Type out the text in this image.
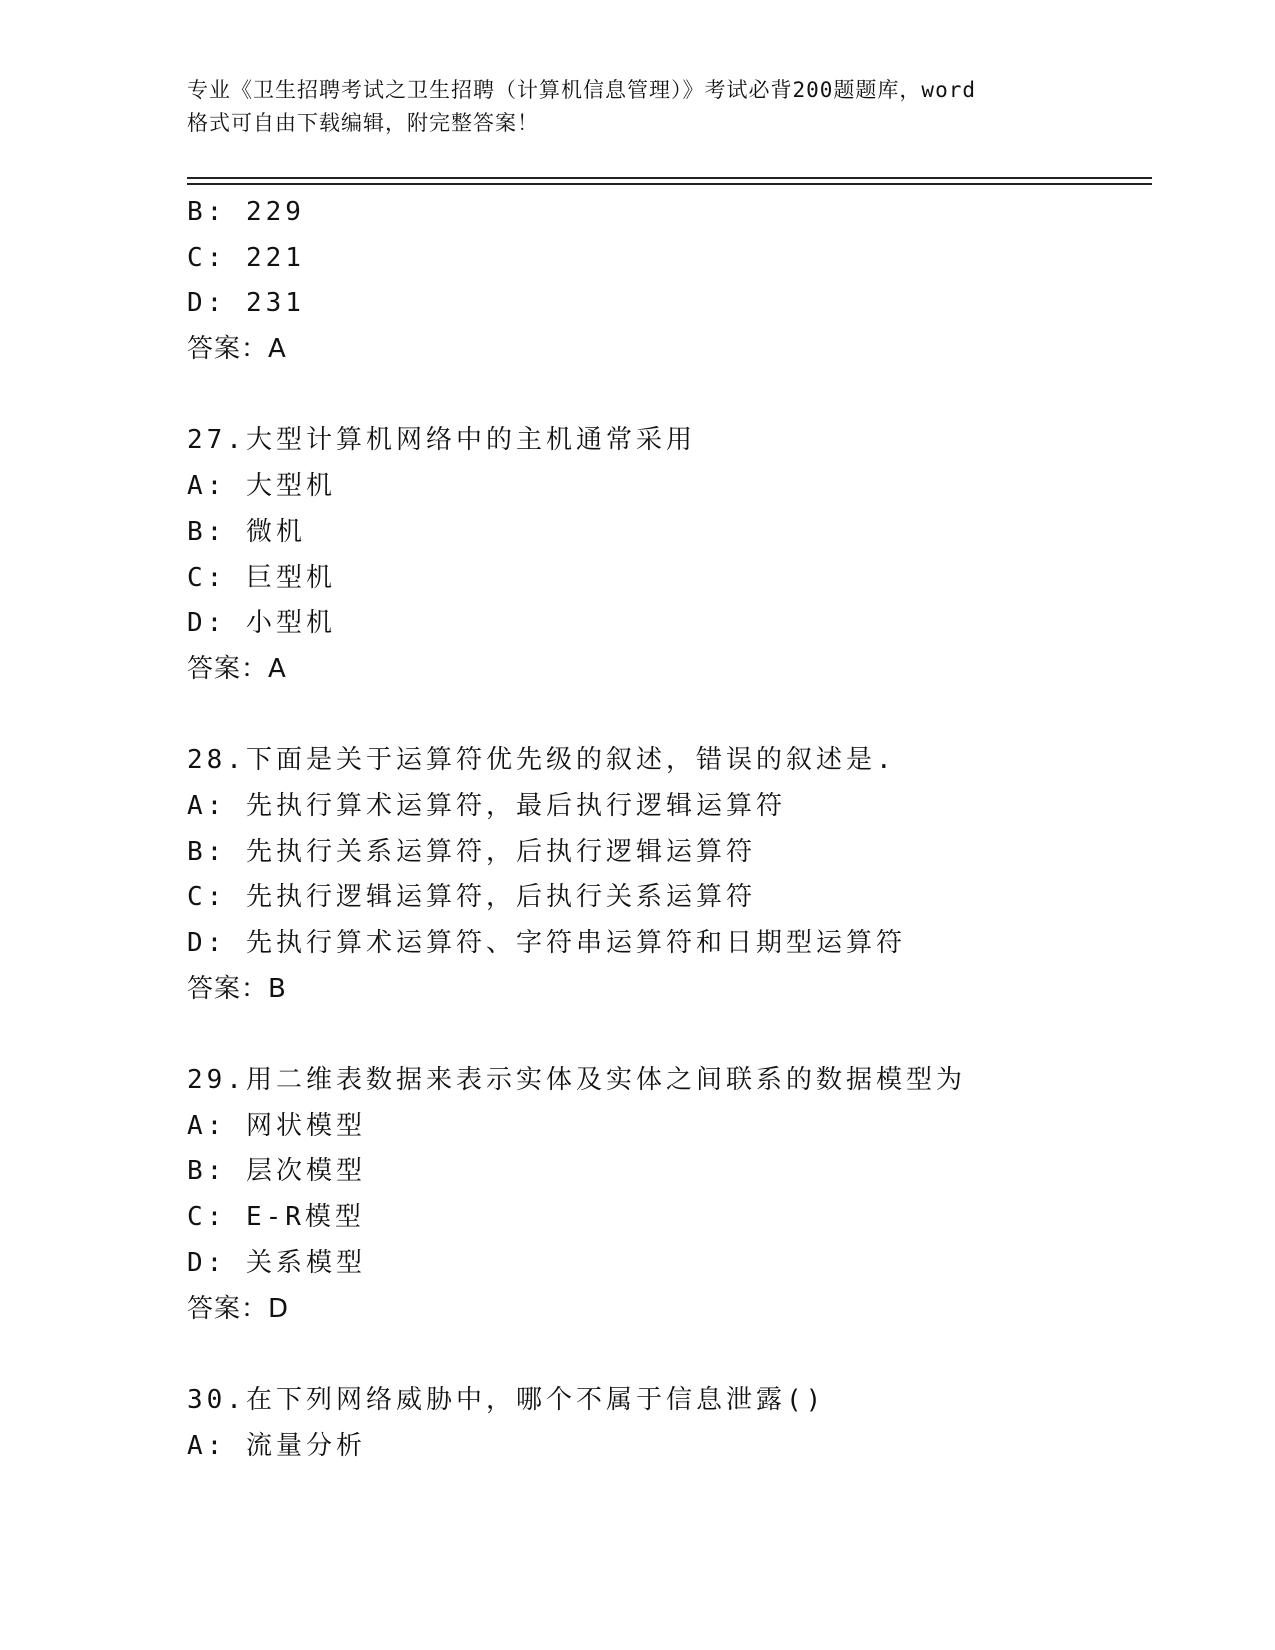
专业《卫生招聘考试之卫生招聘（计算机信息管理）》考试必背200题题库，word
格式可自由下载编辑，附完整答案！
B: 229
C: 221
D: 231
答案：A
27.大型计算机网络中的主机通常采用
A: 大型机
B: 微机
C: 巨型机
D: 小型机
答案：A
28.下面是关于运算符优先级的叙述，错误的叙述是.
A: 先执行算术运算符，最后执行逻辑运算符
B: 先执行关系运算符，后执行逻辑运算符
C: 先执行逻辑运算符，后执行关系运算符
D: 先执行算术运算符、字符串运算符和日期型运算符
答案：B
29.用二维表数据来表示实体及实体之间联系的数据模型为
A: 网状模型
B: 层次模型
C: E-R模型
D: 关系模型
答案：D
30.在下列网络威胁中，哪个不属于信息泄露()
A: 流量分析
